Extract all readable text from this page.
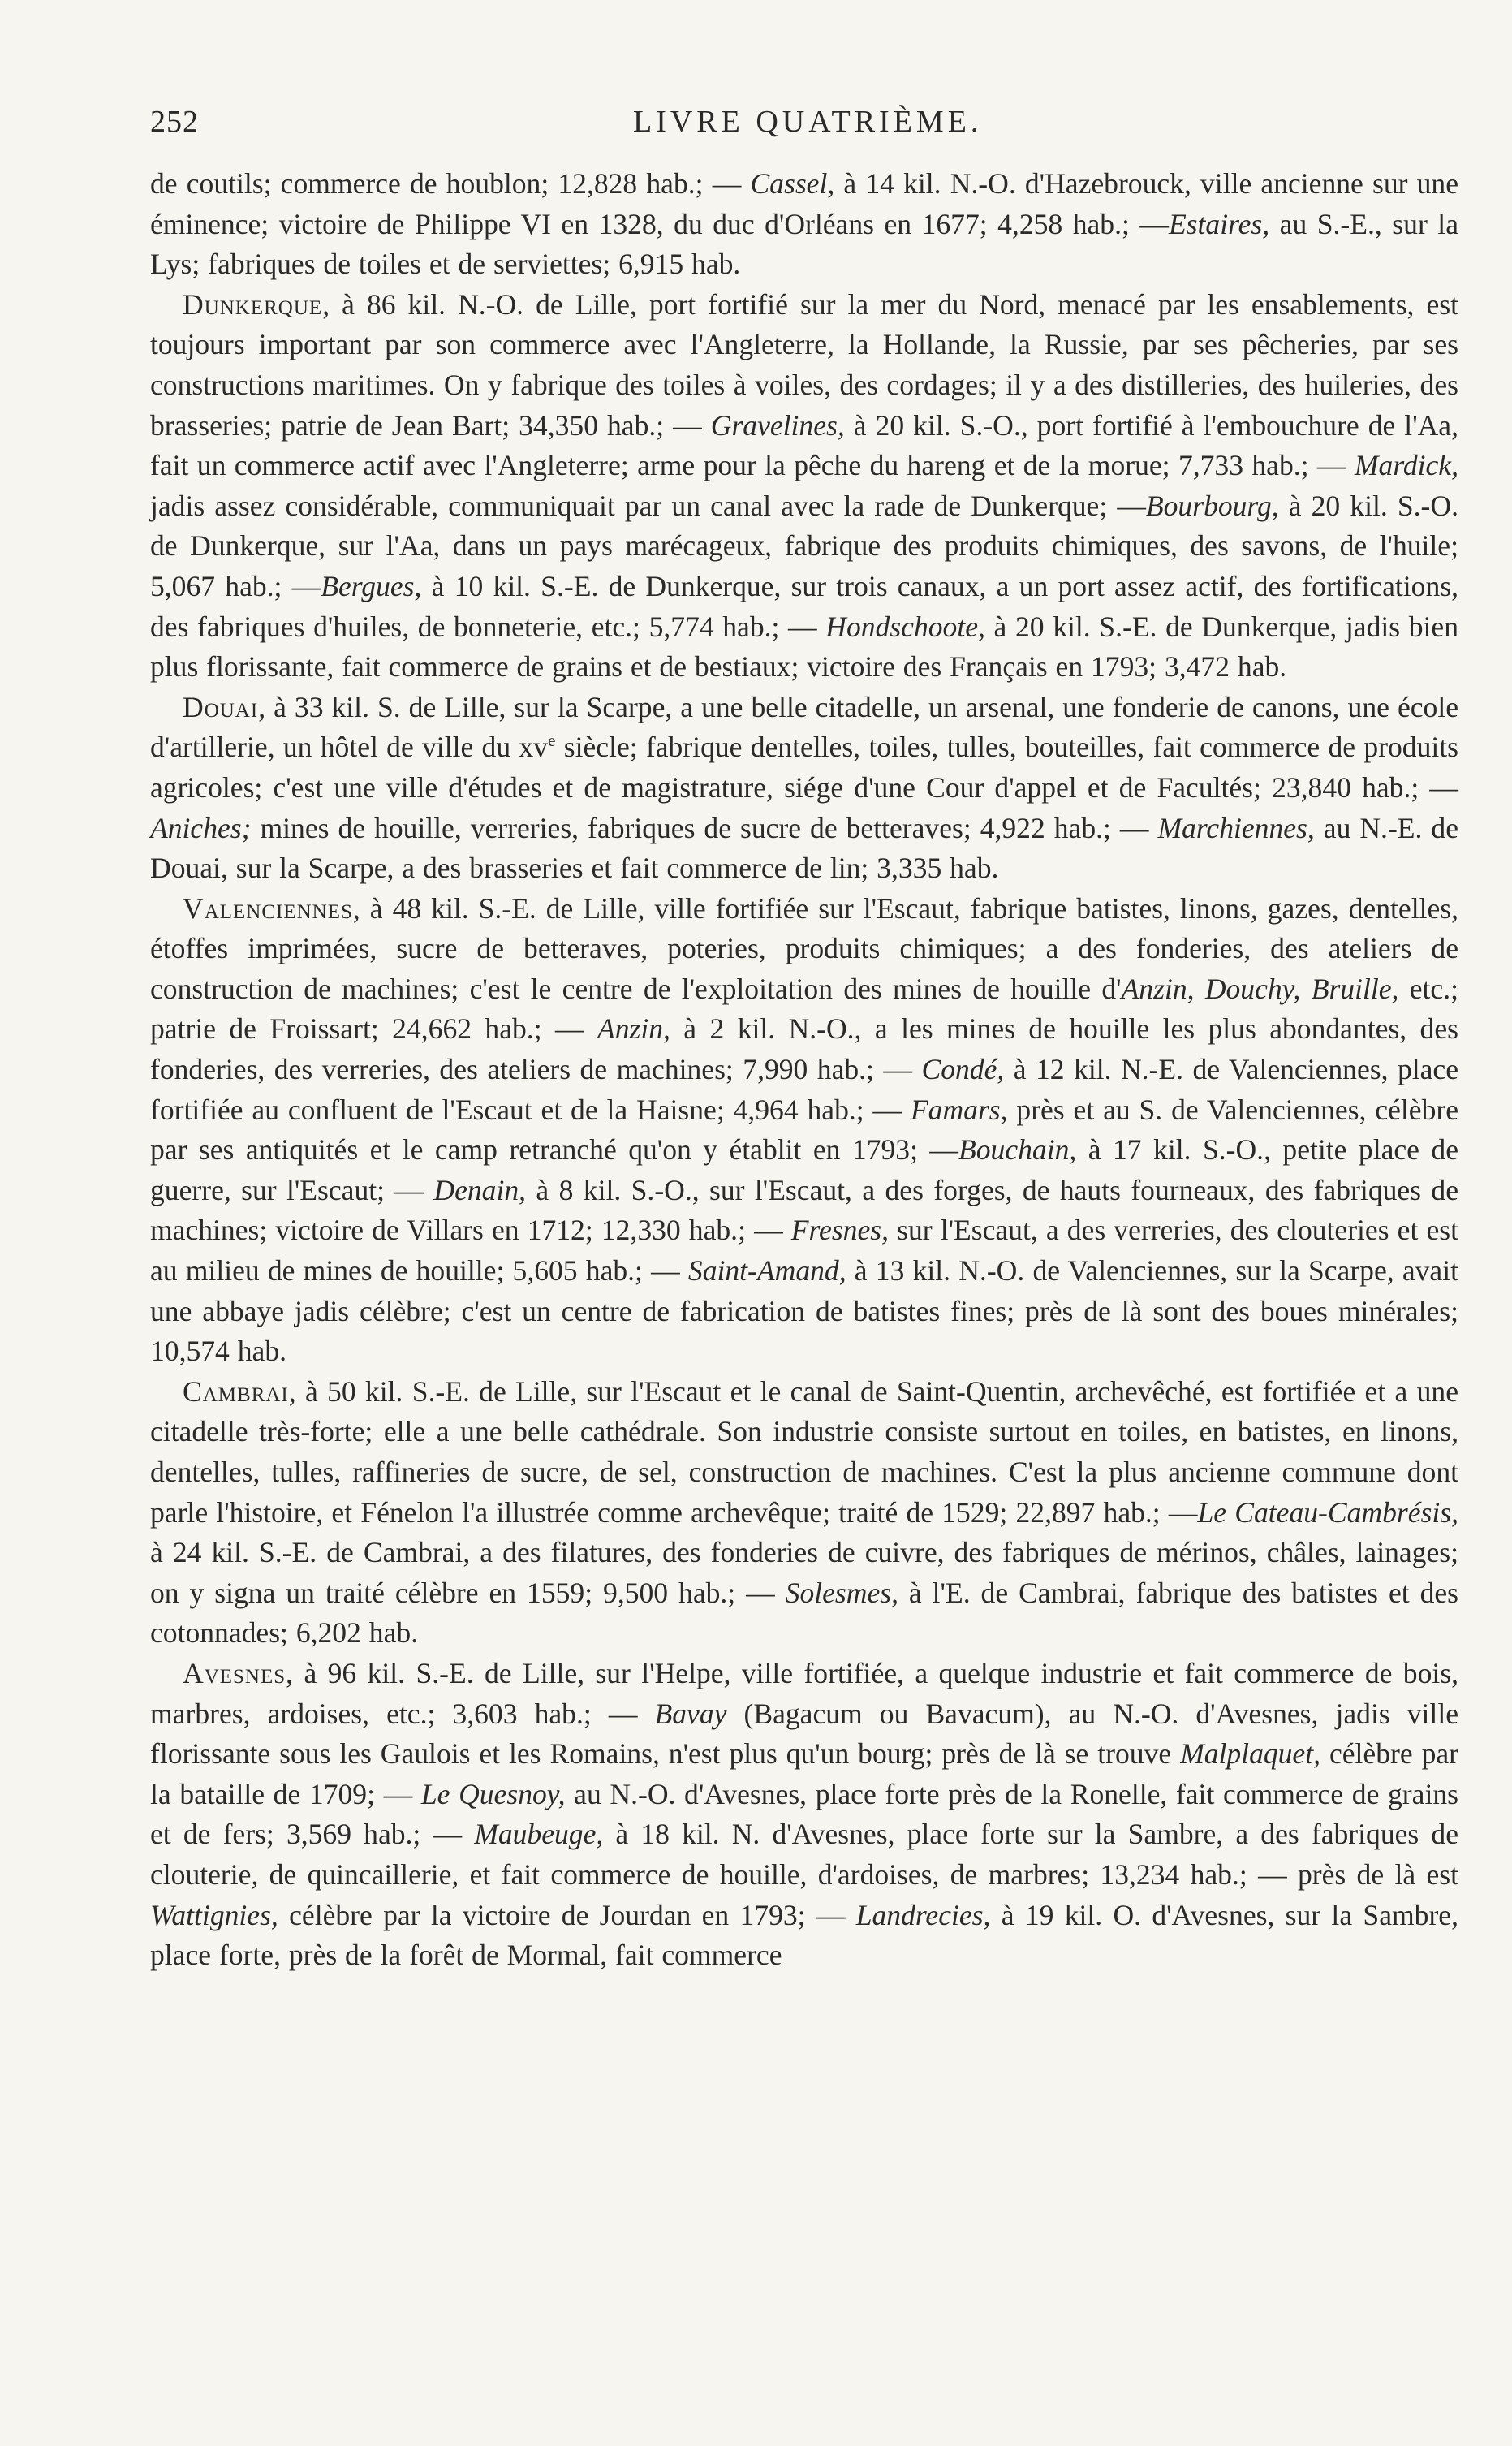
252	LIVRE QUATRIÈME.

de coutils; commerce de houblon; 12,828 hab.; — Cassel, à 14 kil. N.-O. d'Hazebrouck, ville ancienne sur une éminence; victoire de Philippe VI en 1328, du duc d'Orléans en 1677; 4,258 hab.; —Estaires, au S.-E., sur la Lys; fabriques de toiles et de serviettes; 6,915 hab.

Dunkerque, à 86 kil. N.-O. de Lille, port fortifié sur la mer du Nord, menacé par les ensablements, est toujours important par son commerce avec l'Angleterre, la Hollande, la Russie, par ses pêcheries, par ses constructions maritimes. On y fabrique des toiles à voiles, des cordages; il y a des distilleries, des huileries, des brasseries; patrie de Jean Bart; 34,350 hab.; — Gravelines, à 20 kil. S.-O., port fortifié à l'embouchure de l'Aa, fait un commerce actif avec l'Angleterre; arme pour la pêche du hareng et de la morue; 7,733 hab.; — Mardick, jadis assez considérable, communiquait par un canal avec la rade de Dunkerque; —Bourbourg, à 20 kil. S.-O. de Dunkerque, sur l'Aa, dans un pays marécageux, fabrique des produits chimiques, des savons, de l'huile; 5,067 hab.; —Bergues, à 10 kil. S.-E. de Dunkerque, sur trois canaux, a un port assez actif, des fortifications, des fabriques d'huiles, de bonneterie, etc.; 5,774 hab.; — Hondschoote, à 20 kil. S.-E. de Dunkerque, jadis bien plus florissante, fait commerce de grains et de bestiaux; victoire des Français en 1793; 3,472 hab.

Douai, à 33 kil. S. de Lille, sur la Scarpe, a une belle citadelle, un arsenal, une fonderie de canons, une école d'artillerie, un hôtel de ville du $xv^e$ siècle; fabrique dentelles, toiles, tulles, bouteilles, fait commerce de produits agricoles; c'est une ville d'études et de magistrature, siége d'une Cour d'appel et de Facultés; 23,840 hab.; — Aniches; mines de houille, verreries, fabriques de sucre de betteraves; 4,922 hab.; — Marchiennes, au N.-E. de Douai, sur la Scarpe, a des brasseries et fait commerce de lin; 3,335 hab.

Valenciennes, à 48 kil. S.-E. de Lille, ville fortifiée sur l'Escaut, fabrique batistes, linons, gazes, dentelles, étoffes imprimées, sucre de betteraves, poteries, produits chimiques; a des fonderies, des ateliers de construction de machines; c'est le centre de l'exploitation des mines de houille d'Anzin, Douchy, Bruille, etc.; patrie de Froissart; 24,662 hab.; — Anzin, à 2 kil. N.-O., a les mines de houille les plus abondantes, des fonderies, des verreries, des ateliers de machines; 7,990 hab.; — Condé, à 12 kil. N.-E. de Valenciennes, place fortifiée au confluent de l'Escaut et de la Haisne; 4,964 hab.; — Famars, près et au S. de Valenciennes, célèbre par ses antiquités et le camp retranché qu'on y établit en 1793; —Bouchain, à 17 kil. S.-O., petite place de guerre, sur l'Escaut; — Denain, à 8 kil. S.-O., sur l'Escaut, a des forges, de hauts fourneaux, des fabriques de machines; victoire de Villars en 1712; 12,330 hab.; — Fresnes, sur l'Escaut, a des verreries, des clouteries et est au milieu de mines de houille; 5,605 hab.; — Saint-Amand, à 13 kil. N.-O. de Valenciennes, sur la Scarpe, avait une abbaye jadis célèbre; c'est un centre de fabrication de batistes fines; près de là sont des boues minérales; 10,574 hab.

Cambrai, à 50 kil. S.-E. de Lille, sur l'Escaut et le canal de Saint-Quentin, archevêché, est fortifiée et a une citadelle très-forte; elle a une belle cathédrale. Son industrie consiste surtout en toiles, en batistes, en linons, dentelles, tulles, raffineries de sucre, de sel, construction de machines. C'est la plus ancienne commune dont parle l'histoire, et Fénelon l'a illustrée comme archevêque; traité de 1529; 22,897 hab.; —Le Cateau-Cambrésis, à 24 kil. S.-E. de Cambrai, a des filatures, des fonderies de cuivre, des fabriques de mérinos, châles, lainages; on y signa un traité célèbre en 1559; 9,500 hab.; — Solesmes, à l'E. de Cambrai, fabrique des batistes et des cotonnades; 6,202 hab.

Avesnes, à 96 kil. S.-E. de Lille, sur l'Helpe, ville fortifiée, a quelque industrie et fait commerce de bois, marbres, ardoises, etc.; 3,603 hab.; — Bavay (Bagacum ou Bavacum), au N.-O. d'Avesnes, jadis ville florissante sous les Gaulois et les Romains, n'est plus qu'un bourg; près de là se trouve Malplaquet, célèbre par la bataille de 1709; — Le Quesnoy, au N.-O. d'Avesnes, place forte près de la Ronelle, fait commerce de grains et de fers; 3,569 hab.; — Maubeuge, à 18 kil. N. d'Avesnes, place forte sur la Sambre, a des fabriques de clouterie, de quincaillerie, et fait commerce de houille, d'ardoises, de marbres; 13,234 hab.; — près de là est Wattignies, célèbre par la victoire de Jourdan en 1793; — Landrecies, à 19 kil. O. d'Avesnes, sur la Sambre, place forte, près de la forêt de Mormal, fait commerce
